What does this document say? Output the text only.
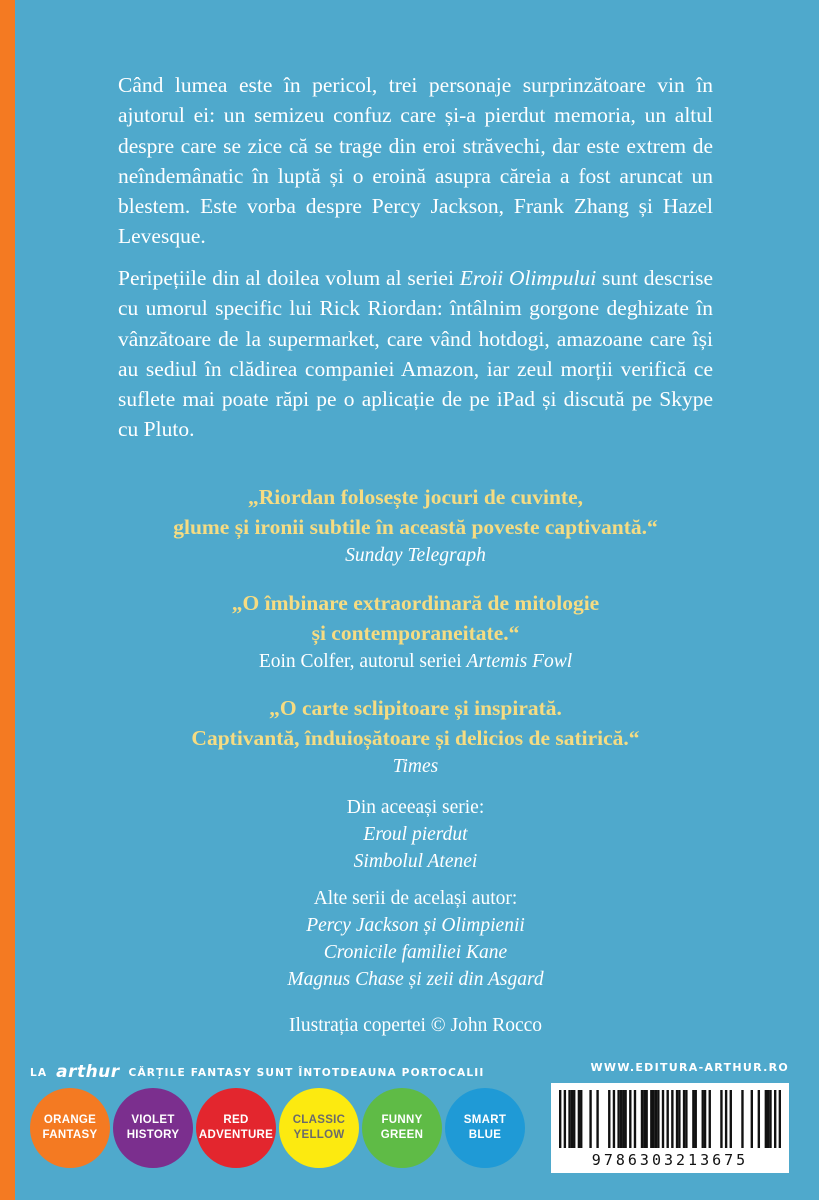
Când lumea este în pericol, trei personaje surprinzătoare vin în ajutorul ei: un semizeu confuz care și-a pierdut memoria, un altul despre care se zice că se trage din eroi străvechi, dar este extrem de neîndemânatic în luptă și o eroină asupra căreia a fost aruncat un blestem. Este vorba despre Percy Jackson, Frank Zhang și Hazel Levesque.

Peripețiile din al doilea volum al seriei Eroii Olimpului sunt descrise cu umorul specific lui Rick Riordan: întâlnim gorgone deghizate în vânzătoare de la supermarket, care vând hotdogi, amazoane care își au sediul în clădirea companiei Amazon, iar zeul morții verifică ce suflete mai poate răpi pe o aplicație de pe iPad și discută pe Skype cu Pluto.

„Riordan folosește jocuri de cuvinte,
glume și ironii subtile în această poveste captivantă.“
Sunday Telegraph
„O îmbinare extraordinară de mitologie
și contemporaneitate.“
Eoin Colfer, autorul seriei Artemis Fowl
„O carte sclipitoare și inspirată.
Captivantă, înduioșătoare și delicios de satirică.“
Times
Din aceeași serie:
Eroul pierdut
Simbolul Atenei
Alte serii de același autor:
Percy Jackson și Olimpienii
Cronicile familiei Kane
Magnus Chase și zeii din Asgard
Ilustrația copertei © John Rocco
LA arthur CĂRȚILE FANTASY SUNT ÎNTOTDEAUNA PORTOCALII	WWW.EDITURA-ARTHUR.RO
ORANGE
FANTASY
VIOLET
HISTORY
RED
ADVENTURE
CLASSIC
YELLOW
FUNNY
GREEN
SMART
BLUE
9786303213675
